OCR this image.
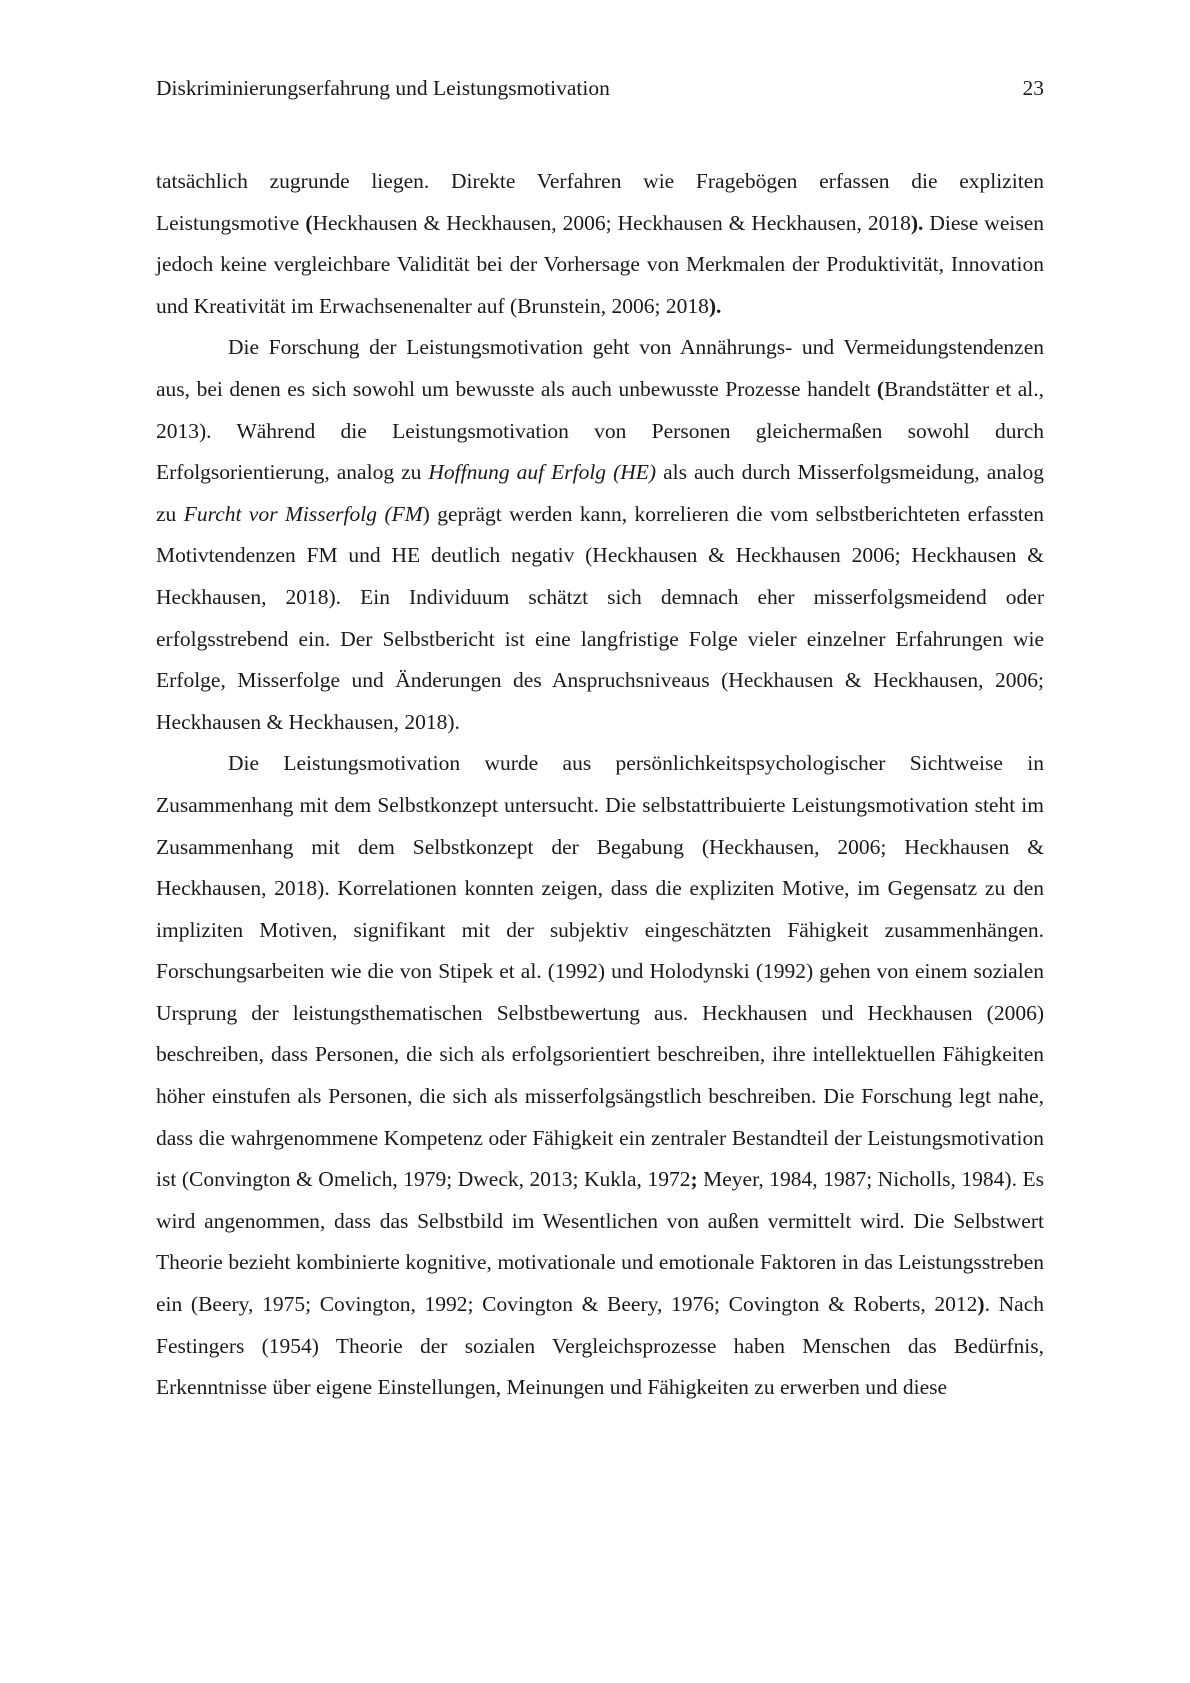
Diskriminierungserfahrung und Leistungsmotivation	23

tatsächlich zugrunde liegen. Direkte Verfahren wie Fragebögen erfassen die expliziten Leistungsmotive (Heckhausen & Heckhausen, 2006; Heckhausen & Heckhausen, 2018). Diese weisen jedoch keine vergleichbare Validität bei der Vorhersage von Merkmalen der Produktivität, Innovation und Kreativität im Erwachsenenalter auf (Brunstein, 2006; 2018).

Die Forschung der Leistungsmotivation geht von Annährungs- und Vermeidungstendenzen aus, bei denen es sich sowohl um bewusste als auch unbewusste Prozesse handelt (Brandstätter et al., 2013). Während die Leistungsmotivation von Personen gleichermaßen sowohl durch Erfolgsorientierung, analog zu Hoffnung auf Erfolg (HE) als auch durch Misserfolgsmeidung, analog zu Furcht vor Misserfolg (FM) geprägt werden kann, korrelieren die vom selbstberichteten erfassten Motivtendenzen FM und HE deutlich negativ (Heckhausen & Heckhausen 2006; Heckhausen & Heckhausen, 2018). Ein Individuum schätzt sich demnach eher misserfolgsmeidend oder erfolgsstrebend ein. Der Selbstbericht ist eine langfristige Folge vieler einzelner Erfahrungen wie Erfolge, Misserfolge und Änderungen des Anspruchsniveaus (Heckhausen & Heckhausen, 2006; Heckhausen & Heckhausen, 2018).

Die Leistungsmotivation wurde aus persönlichkeitspsychologischer Sichtweise in Zusammenhang mit dem Selbstkonzept untersucht. Die selbstattribuierte Leistungsmotivation steht im Zusammenhang mit dem Selbstkonzept der Begabung (Heckhausen, 2006; Heckhausen & Heckhausen, 2018). Korrelationen konnten zeigen, dass die expliziten Motive, im Gegensatz zu den impliziten Motiven, signifikant mit der subjektiv eingeschätzten Fähigkeit zusammenhängen. Forschungsarbeiten wie die von Stipek et al. (1992) und Holodynski (1992) gehen von einem sozialen Ursprung der leistungsthematischen Selbstbewertung aus. Heckhausen und Heckhausen (2006) beschreiben, dass Personen, die sich als erfolgsorientiert beschreiben, ihre intellektuellen Fähigkeiten höher einstufen als Personen, die sich als misserfolgsängstlich beschreiben. Die Forschung legt nahe, dass die wahrgenommene Kompetenz oder Fähigkeit ein zentraler Bestandteil der Leistungsmotivation ist (Convington & Omelich, 1979; Dweck, 2013; Kukla, 1972; Meyer, 1984, 1987; Nicholls, 1984). Es wird angenommen, dass das Selbstbild im Wesentlichen von außen vermittelt wird. Die Selbstwert Theorie bezieht kombinierte kognitive, motivationale und emotionale Faktoren in das Leistungsstreben ein (Beery, 1975; Covington, 1992; Covington & Beery, 1976; Covington & Roberts, 2012). Nach Festingers (1954) Theorie der sozialen Vergleichsprozesse haben Menschen das Bedürfnis, Erkenntnisse über eigene Einstellungen, Meinungen und Fähigkeiten zu erwerben und diese
